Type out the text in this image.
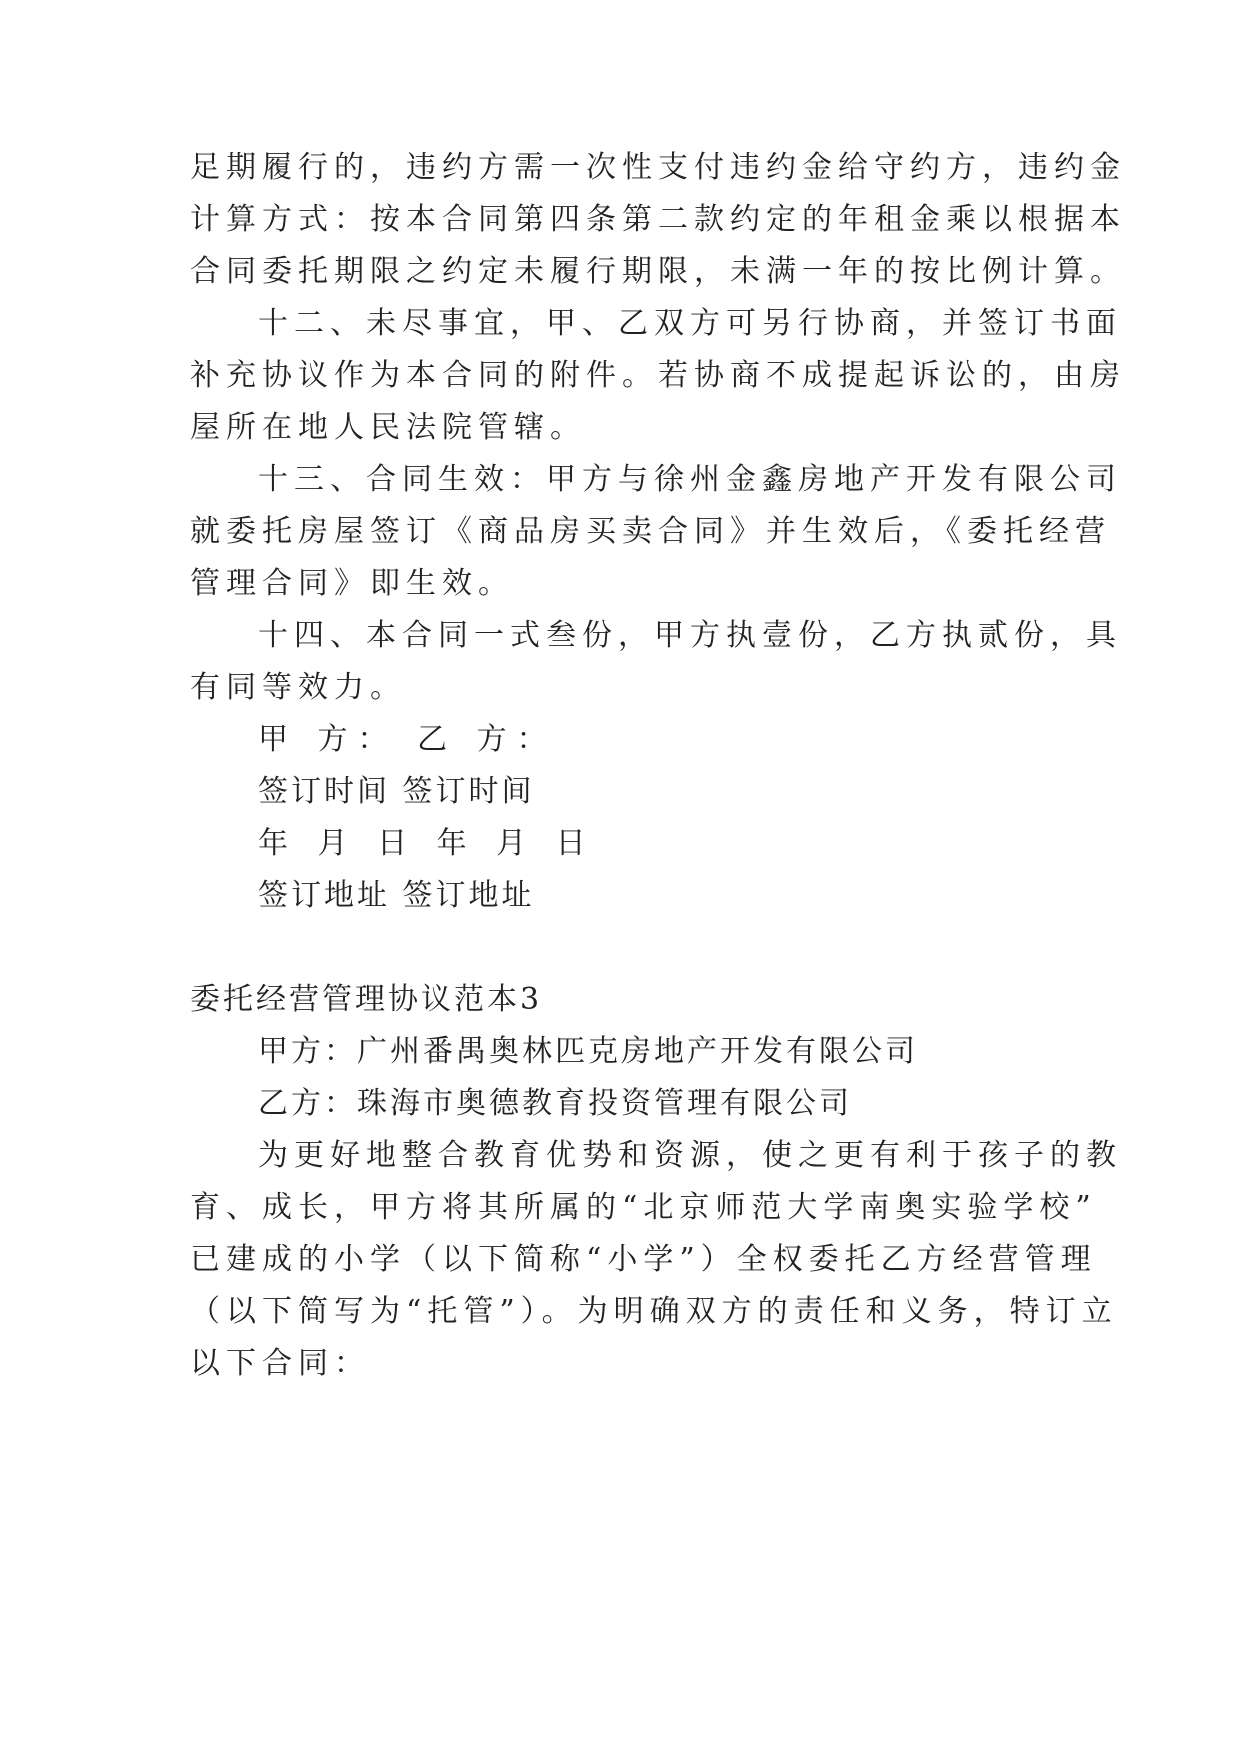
足期履行的，违约方需一次性支付违约金给守约方，违约金
计算方式：按本合同第四条第二款约定的年租金乘以根据本
合同委托期限之约定未履行期限，未满一年的按比例计算。
十二、未尽事宜，甲、乙双方可另行协商，并签订书面
补充协议作为本合同的附件。若协商不成提起诉讼的，由房
屋所在地人民法院管辖。
十三、合同生效：甲方与徐州金鑫房地产开发有限公司
就委托房屋签订《商品房买卖合同》并生效后，《委托经营
管理合同》即生效。
十四、本合同一式叁份，甲方执壹份，乙方执贰份，具
有同等效力。
甲 方： 乙 方：
签订时间 签订时间
年 月 日 年 月 日
签订地址 签订地址
委托经营管理协议范本3
甲方：广州番禺奥林匹克房地产开发有限公司
乙方：珠海市奥德教育投资管理有限公司
为更好地整合教育优势和资源，使之更有利于孩子的教
育、成长，甲方将其所属的“北京师范大学南奥实验学校”
已建成的小学（以下简称“小学”）全权委托乙方经营管理
（以下简写为“托管”）。为明确双方的责任和义务，特订立
以下合同：
